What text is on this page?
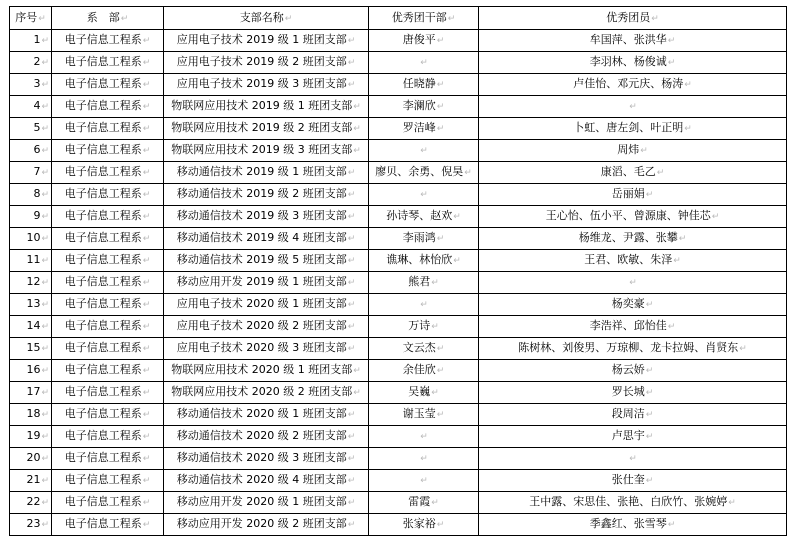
序号↵	系　部↵	支部名称↵	优秀团干部↵	优秀团员↵
1↵	电子信息工程系↵	应用电子技术 2019 级 1 班团支部↵	唐俊平↵	牟国萍、张洪华↵
2↵	电子信息工程系↵	应用电子技术 2019 级 2 班团支部↵	↵	李羽林、杨俊诚↵
3↵	电子信息工程系↵	应用电子技术 2019 级 3 班团支部↵	任晓静↵	卢佳怡、邓元庆、杨涛↵
4↵	电子信息工程系↵	物联网应用技术 2019 级 1 班团支部↵	李澜欣↵	↵
5↵	电子信息工程系↵	物联网应用技术 2019 级 2 班团支部↵	罗洁峰↵	卜虹、唐左剑、叶正明↵
6↵	电子信息工程系↵	物联网应用技术 2019 级 3 班团支部↵	↵	周炜↵
7↵	电子信息工程系↵	移动通信技术 2019 级 1 班团支部↵	廖贝、余勇、倪昊↵	康滔、毛乙↵
8↵	电子信息工程系↵	移动通信技术 2019 级 2 班团支部↵	↵	岳丽娟↵
9↵	电子信息工程系↵	移动通信技术 2019 级 3 班团支部↵	孙诗琴、赵欢↵	王心怡、伍小平、曾源康、钟佳芯↵
10↵	电子信息工程系↵	移动通信技术 2019 级 4 班团支部↵	李雨鸿↵	杨维龙、尹露、张攀↵
11↵	电子信息工程系↵	移动通信技术 2019 级 5 班团支部↵	谯琳、林怡欣↵	王君、欧敏、朱泽↵
12↵	电子信息工程系↵	移动应用开发 2019 级 1 班团支部↵	熊君↵	↵
13↵	电子信息工程系↵	应用电子技术 2020 级 1 班团支部↵	↵	杨奕豪↵
14↵	电子信息工程系↵	应用电子技术 2020 级 2 班团支部↵	万诗↵	李浩祥、邱怡佳↵
15↵	电子信息工程系↵	应用电子技术 2020 级 3 班团支部↵	文云杰↵	陈树林、刘俊男、万琼柳、龙卡拉姆、肖贤东↵
16↵	电子信息工程系↵	物联网应用技术 2020 级 1 班团支部↵	余佳欣↵	杨云娇↵
17↵	电子信息工程系↵	物联网应用技术 2020 级 2 班团支部↵	吴巍↵	罗长城↵
18↵	电子信息工程系↵	移动通信技术 2020 级 1 班团支部↵	谢玉莹↵	段周洁↵
19↵	电子信息工程系↵	移动通信技术 2020 级 2 班团支部↵	↵	卢思宇↵
20↵	电子信息工程系↵	移动通信技术 2020 级 3 班团支部↵	↵	↵
21↵	电子信息工程系↵	移动通信技术 2020 级 4 班团支部↵	↵	张仕奎↵
22↵	电子信息工程系↵	移动应用开发 2020 级 1 班团支部↵	雷霞↵	王中露、宋思佳、张艳、白欣竹、张婉婷↵
23↵	电子信息工程系↵	移动应用开发 2020 级 2 班团支部↵	张家裕↵	季鑫红、张雪琴↵
